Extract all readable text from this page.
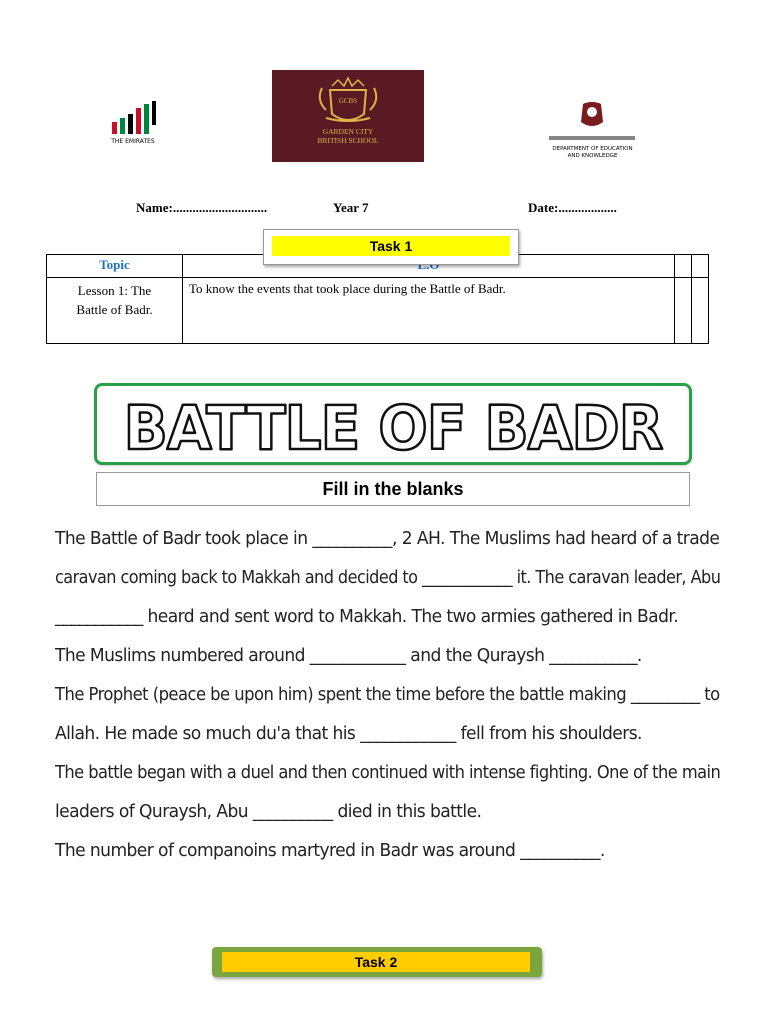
THE EMIRATES
GCBS
GARDEN CITY
BRITISH SCHOOL
DEPARTMENT OF EDUCATION
AND KNOWLEDGE
Name:.............................	Year 7	Date:..................
Task 1
Topic			

Lesson 1: The
Battle of Badr.	To know the events that took place during the Battle of Badr.		
BATTLE OF BADR
Fill in the blanks
The Battle of Badr took place in __________, 2 AH. The Muslims had heard of a trade
caravan coming back to Makkah and decided to ____________ it. The caravan leader, Abu
___________ heard and sent word to Makkah. The two armies gathered in Badr.
The Muslims numbered around ____________ and the Quraysh ___________.
The Prophet (peace be upon him) spent the time before the battle making _________ to
Allah. He made so much du'a that his ____________ fell from his shoulders.
The battle began with a duel and then continued with intense fighting. One of the main
leaders of Quraysh, Abu __________ died in this battle.
The number of companoins martyred in Badr was around __________.
Task 2
